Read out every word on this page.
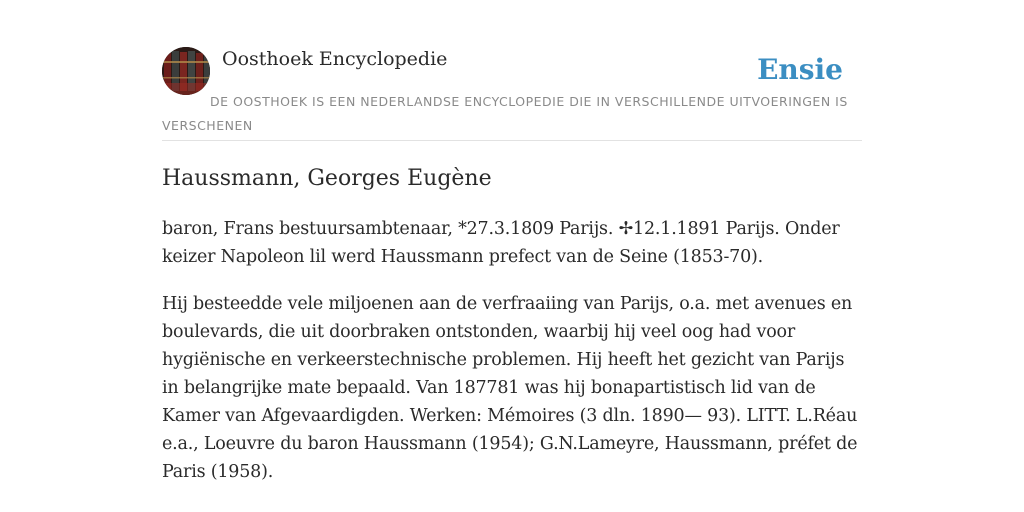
Oosthoek Encyclopedie	Ensie
DE OOSTHOEK IS EEN NEDERLANDSE ENCYCLOPEDIE DIE IN VERSCHILLENDE UITVOERINGEN IS VERSCHENEN
Haussmann, Georges Eugène

baron, Frans bestuursambtenaar, *27.3.1809 Parijs. ✢12.1.1891 Parijs. Onder keizer Napoleon lil werd Haussmann prefect van de Seine (1853-70).

Hij besteedde vele miljoenen aan de verfraaiing van Parijs, o.a. met avenues en boulevards, die uit doorbraken ontstonden, waarbij hij veel oog had voor hygiënische en verkeerstechnische problemen. Hij heeft het gezicht van Parijs in belangrijke mate bepaald. Van 187781 was hij bonapartistisch lid van de Kamer van Afgevaardigden. Werken: Mémoires (3 dln. 1890— 93). LITT. L.Réau e.a., Loeuvre du baron Haussmann (1954); G.N.Lameyre, Haussmann, préfet de Paris (1958).
